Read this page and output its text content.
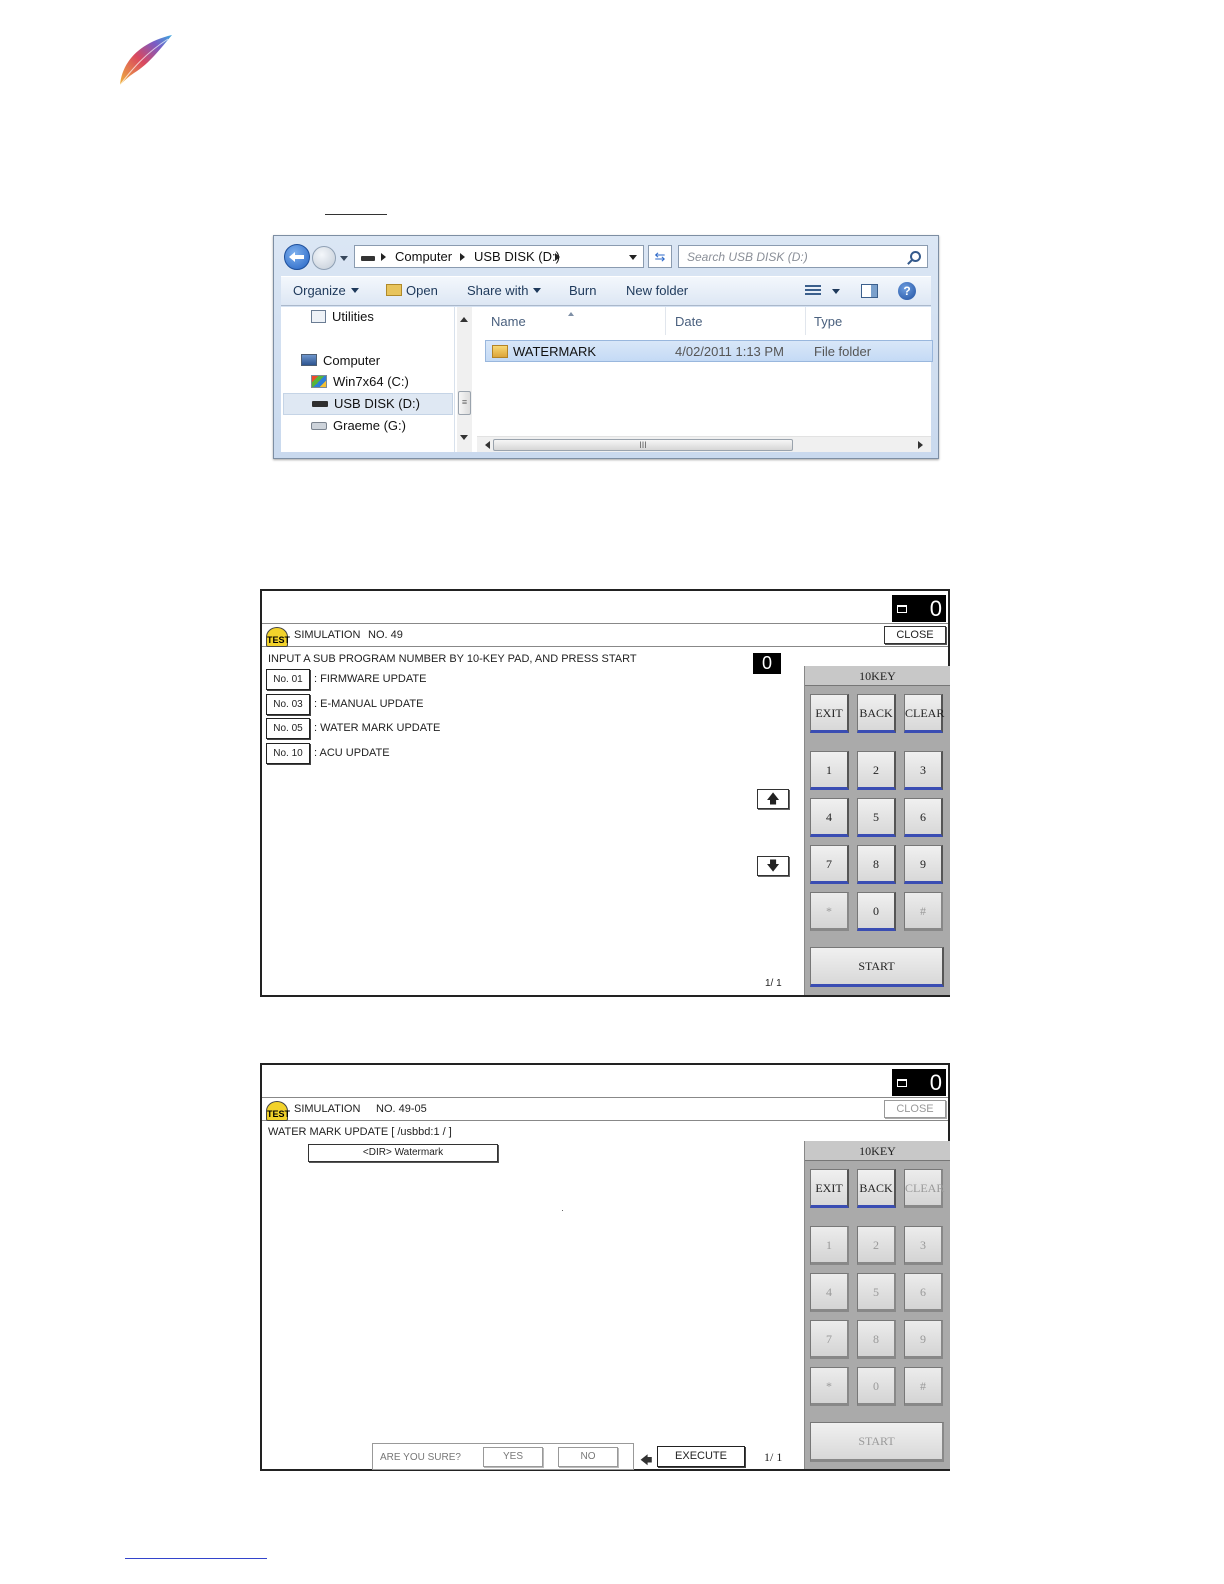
Computer USB DISK (D:)	⇆	Search USB DISK (D:)
Organize	Open Share with	Burn New folder	?
Utilities
Computer
Win7x64 (C:)
USB DISK (D:)
Graeme (G:)
≡
Name	Date	Type
WATERMARK	4/02/2011 1:13 PM File folder
III
0
TEST SIMULATION NO. 49	CLOSE
INPUT A SUB PROGRAM NUMBER BY 10-KEY PAD, AND PRESS START	0
No. 01	: FIRMWARE UPDATE
No. 03	: E-MANUAL UPDATE
No. 05	: WATER MARK UPDATE
No. 10	: ACU UPDATE
🡅
🡇
1/ 1
10KEY
EXIT	BACK CLEAR
1	2	3
4	5	6
7	8	9
*	0	#
START
0
TEST SIMULATION NO. 49-05	CLOSE
WATER MARK UPDATE [ /usbbd:1 / ]
<DIR> Watermark
ARE YOU SURE?	YES	NO	🡄	EXECUTE	1/ 1
10KEY
EXIT	BACK CLEAR
1	2	3
4	5	6
7	8	9
*	0	#
START
